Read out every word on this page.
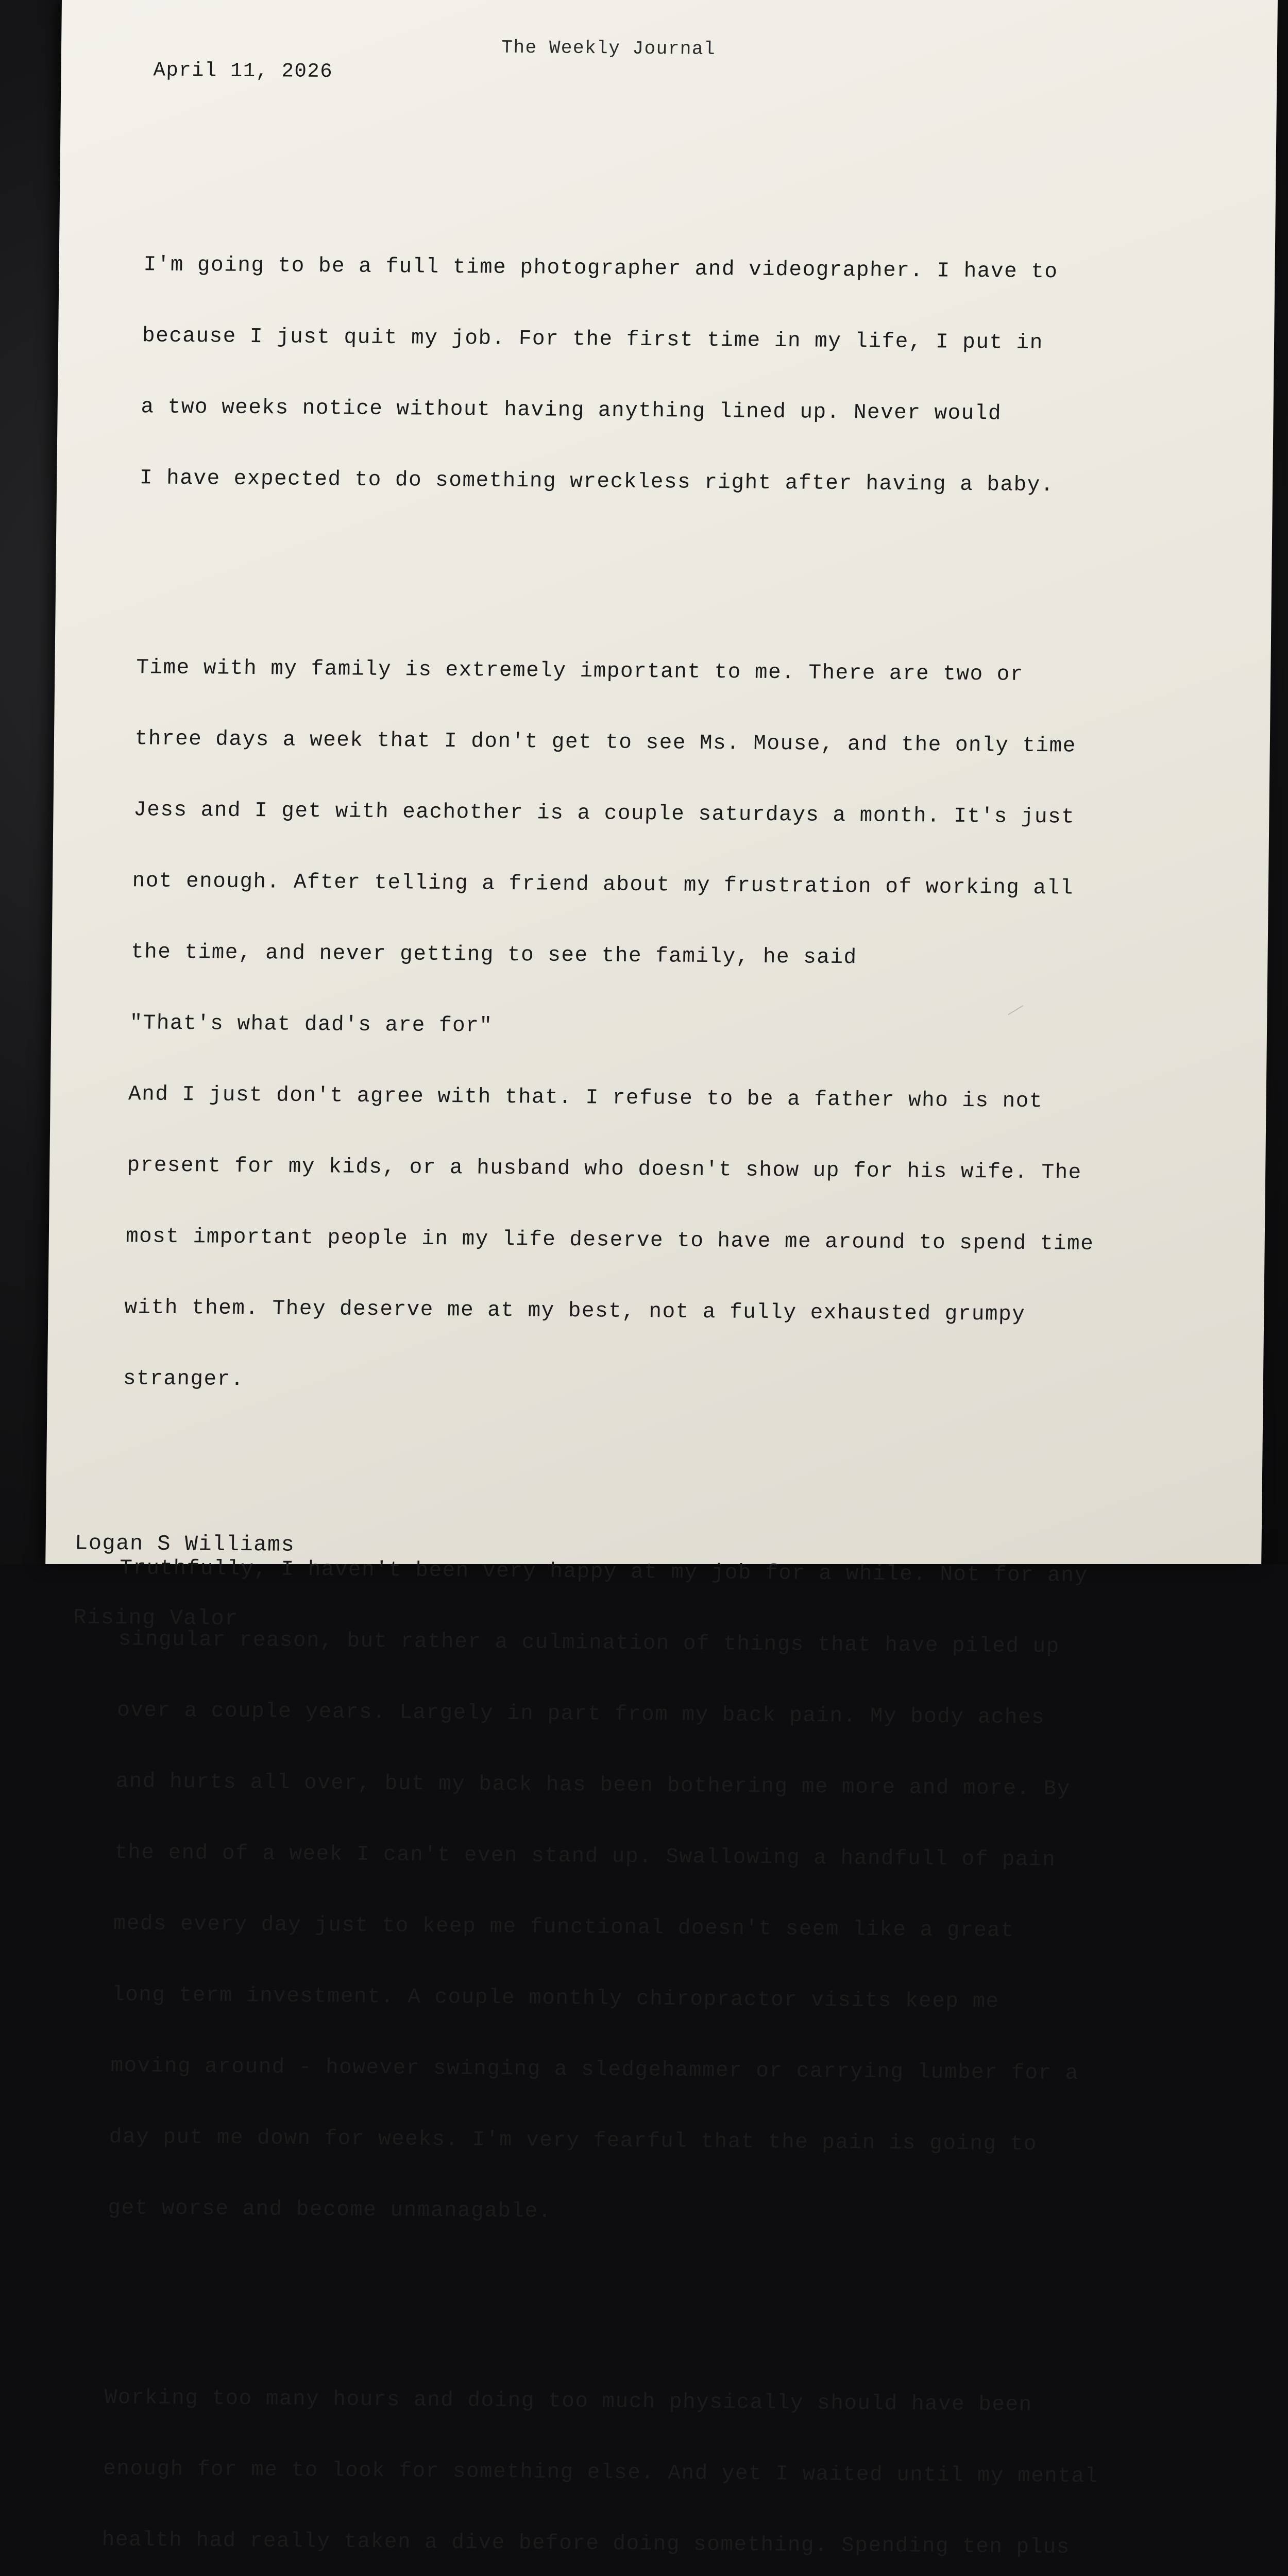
The Weekly Journal
April 11, 2026

I'm going to be a full time photographer and videographer. I have to

because I just quit my job. For the first time in my life, I put in

a two weeks notice without having anything lined up. Never would

I have expected to do something wreckless right after having a baby.

Time with my family is extremely important to me. There are two or

three days a week that I don't get to see Ms. Mouse, and the only time

Jess and I get with eachother is a couple saturdays a month. It's just

not enough. After telling a friend about my frustration of working all

the time, and never getting to see the family, he said

"That's what dad's are for"

And I just don't agree with that. I refuse to be a father who is not

present for my kids, or a husband who doesn't show up for his wife. The

most important people in my life deserve to have me around to spend time

with them. They deserve me at my best, not a fully exhausted grumpy

stranger.

Truthfully, I haven't been very happy at my job for a while. Not for any

singular reason, but rather a culmination of things that have piled up

over a couple years. Largely in part from my back pain. My body aches

and hurts all over, but my back has been bothering me more and more. By

the end of a week I can't even stand up. Swallowing a handfull of pain

meds every day just to keep me functional doesn't seem like a great

long term investment. A couple monthly chiropractor visits keep me

moving around - however swinging a sledgehammer or carrying lumber for a

day put me down for weeks. I'm very fearful that the pain is going to

get worse and become unmanagable.

Working too many hours and doing too much physically should have been

enough for me to look for something else. And yet I waited until my mental

health had really taken a dive before doing something. Spending ten plus

Logan S Williams

Rising Valor
